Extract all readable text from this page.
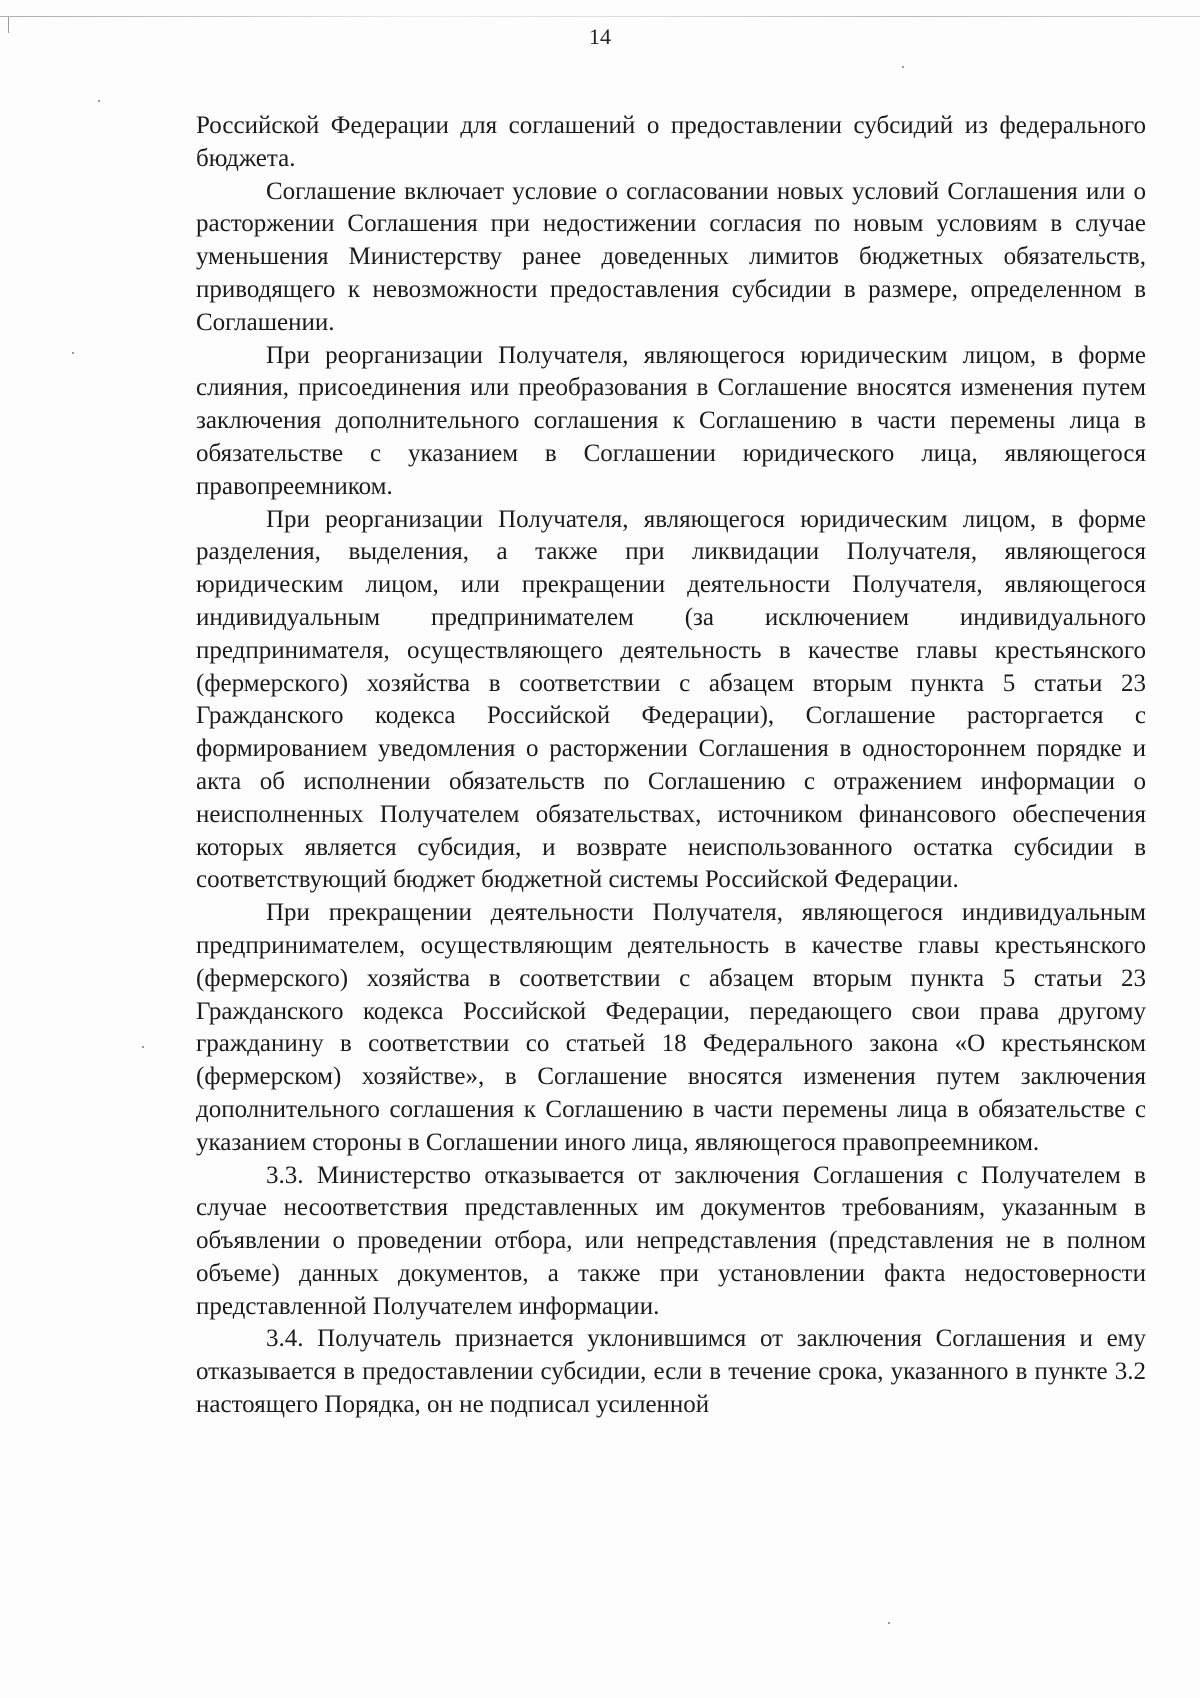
14

Российской Федерации для соглашений о предоставлении субсидий из федерального бюджета.

Соглашение включает условие о согласовании новых условий Соглашения или о расторжении Соглашения при недостижении согласия по новым условиям в случае уменьшения Министерству ранее доведенных лимитов бюджетных обязательств, приводящего к невозможности предоставления субсидии в размере, определенном в Соглашении.

При реорганизации Получателя, являющегося юридическим лицом, в форме слияния, присоединения или преобразования в Соглашение вносятся изменения путем заключения дополнительного соглашения к Соглашению в части перемены лица в обязательстве с указанием в Соглашении юридического лица, являющегося правопреемником.

При реорганизации Получателя, являющегося юридическим лицом, в форме разделения, выделения, а также при ликвидации Получателя, являющегося юридическим лицом, или прекращении деятельности Получателя, являющегося индивидуальным предпринимателем (за исключением индивидуального предпринимателя, осуществляющего деятельность в качестве главы крестьянского (фермерского) хозяйства в соответствии с абзацем вторым пункта 5 статьи 23 Гражданского кодекса Российской Федерации), Соглашение расторгается с формированием уведомления о расторжении Соглашения в одностороннем порядке и акта об исполнении обязательств по Соглашению с отражением информации о неисполненных Получателем обязательствах, источником финансового обеспечения которых является субсидия, и возврате неиспользованного остатка субсидии в соответствующий бюджет бюджетной системы Российской Федерации.

При прекращении деятельности Получателя, являющегося индивидуальным предпринимателем, осуществляющим деятельность в качестве главы крестьянского (фермерского) хозяйства в соответствии с абзацем вторым пункта 5 статьи 23 Гражданского кодекса Российской Федерации, передающего свои права другому гражданину в соответствии со статьей 18 Федерального закона «О крестьянском (фермерском) хозяйстве», в Соглашение вносятся изменения путем заключения дополнительного соглашения к Соглашению в части перемены лица в обязательстве с указанием стороны в Соглашении иного лица, являющегося правопреемником.

3.3. Министерство отказывается от заключения Соглашения с Получателем в случае несоответствия представленных им документов требованиям, указанным в объявлении о проведении отбора, или непредставления (представления не в полном объеме) данных документов, а также при установлении факта недостоверности представленной Получателем информации.

3.4. Получатель признается уклонившимся от заключения Соглашения и ему отказывается в предоставлении субсидии, если в течение срока, указанного в пункте 3.2 настоящего Порядка, он не подписал усиленной
